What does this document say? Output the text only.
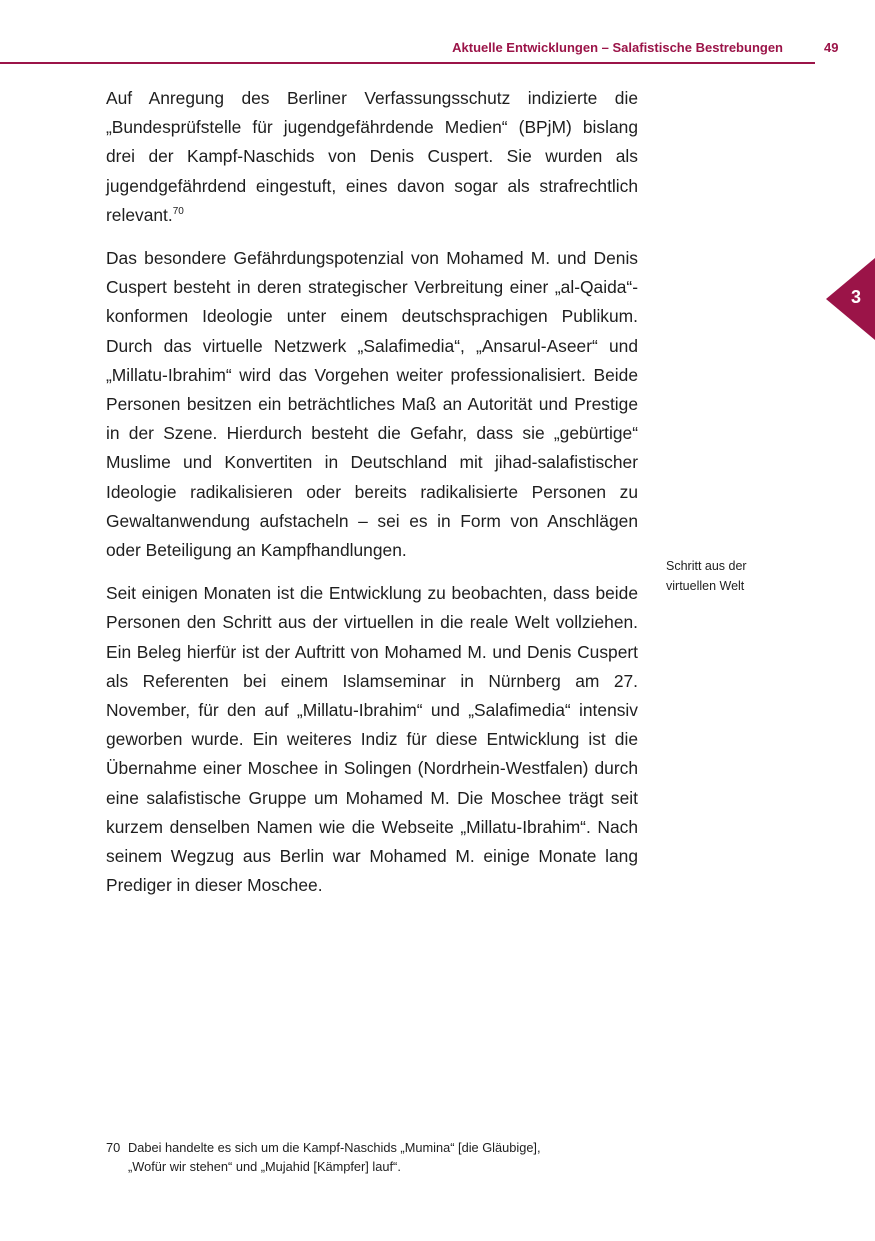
Aktuelle Entwicklungen – Salafistische Bestrebungen	49
3

Auf Anregung des Berliner Verfassungsschutz indizierte die „Bundesprüfstelle für jugendgefährdende Medien“ (BPjM) bislang drei der Kampf-Naschids von Denis Cuspert. Sie wurden als jugendgefährdend eingestuft, eines davon sogar als strafrechtlich relevant.$^{70}$

Das besondere Gefährdungspotenzial von Mohamed M. und Denis Cuspert besteht in deren strategischer Verbreitung einer „al-Qaida“-konformen Ideologie unter einem deutschsprachigen Publikum. Durch das virtuelle Netzwerk „Salafimedia“, „Ansarul-Aseer“ und „Millatu-Ibrahim“ wird das Vorgehen weiter professionalisiert. Beide Personen besitzen ein beträchtliches Maß an Autorität und Prestige in der Szene. Hierdurch besteht die Gefahr, dass sie „gebürtige“ Muslime und Konvertiten in Deutschland mit jihad-salafistischer Ideologie radikalisieren oder bereits radikalisierte Personen zu Gewaltanwendung aufstacheln – sei es in Form von Anschlägen oder Beteiligung an Kampfhandlungen.

Seit einigen Monaten ist die Entwicklung zu beobachten, dass beide Personen den Schritt aus der virtuellen in die reale Welt vollziehen. Ein Beleg hierfür ist der Auftritt von Mohamed M. und Denis Cuspert als Referenten bei einem Islamseminar in Nürnberg am 27. November, für den auf „Millatu-Ibrahim“ und „Salafimedia“ intensiv geworben wurde. Ein weiteres Indiz für diese Entwicklung ist die Übernahme einer Moschee in Solingen (Nordrhein-Westfalen) durch eine salafistische Gruppe um Mohamed M. Die Moschee trägt seit kurzem denselben Namen wie die Webseite „Millatu-Ibrahim“. Nach seinem Wegzug aus Berlin war Mohamed M. einige Monate lang Prediger in dieser Moschee.

Schritt aus der
virtuellen Welt
70 Dabei handelte es sich um die Kampf-Naschids „Mumina“ [die Gläubige],
„Wofür wir stehen“ und „Mujahid [Kämpfer] lauf“.
